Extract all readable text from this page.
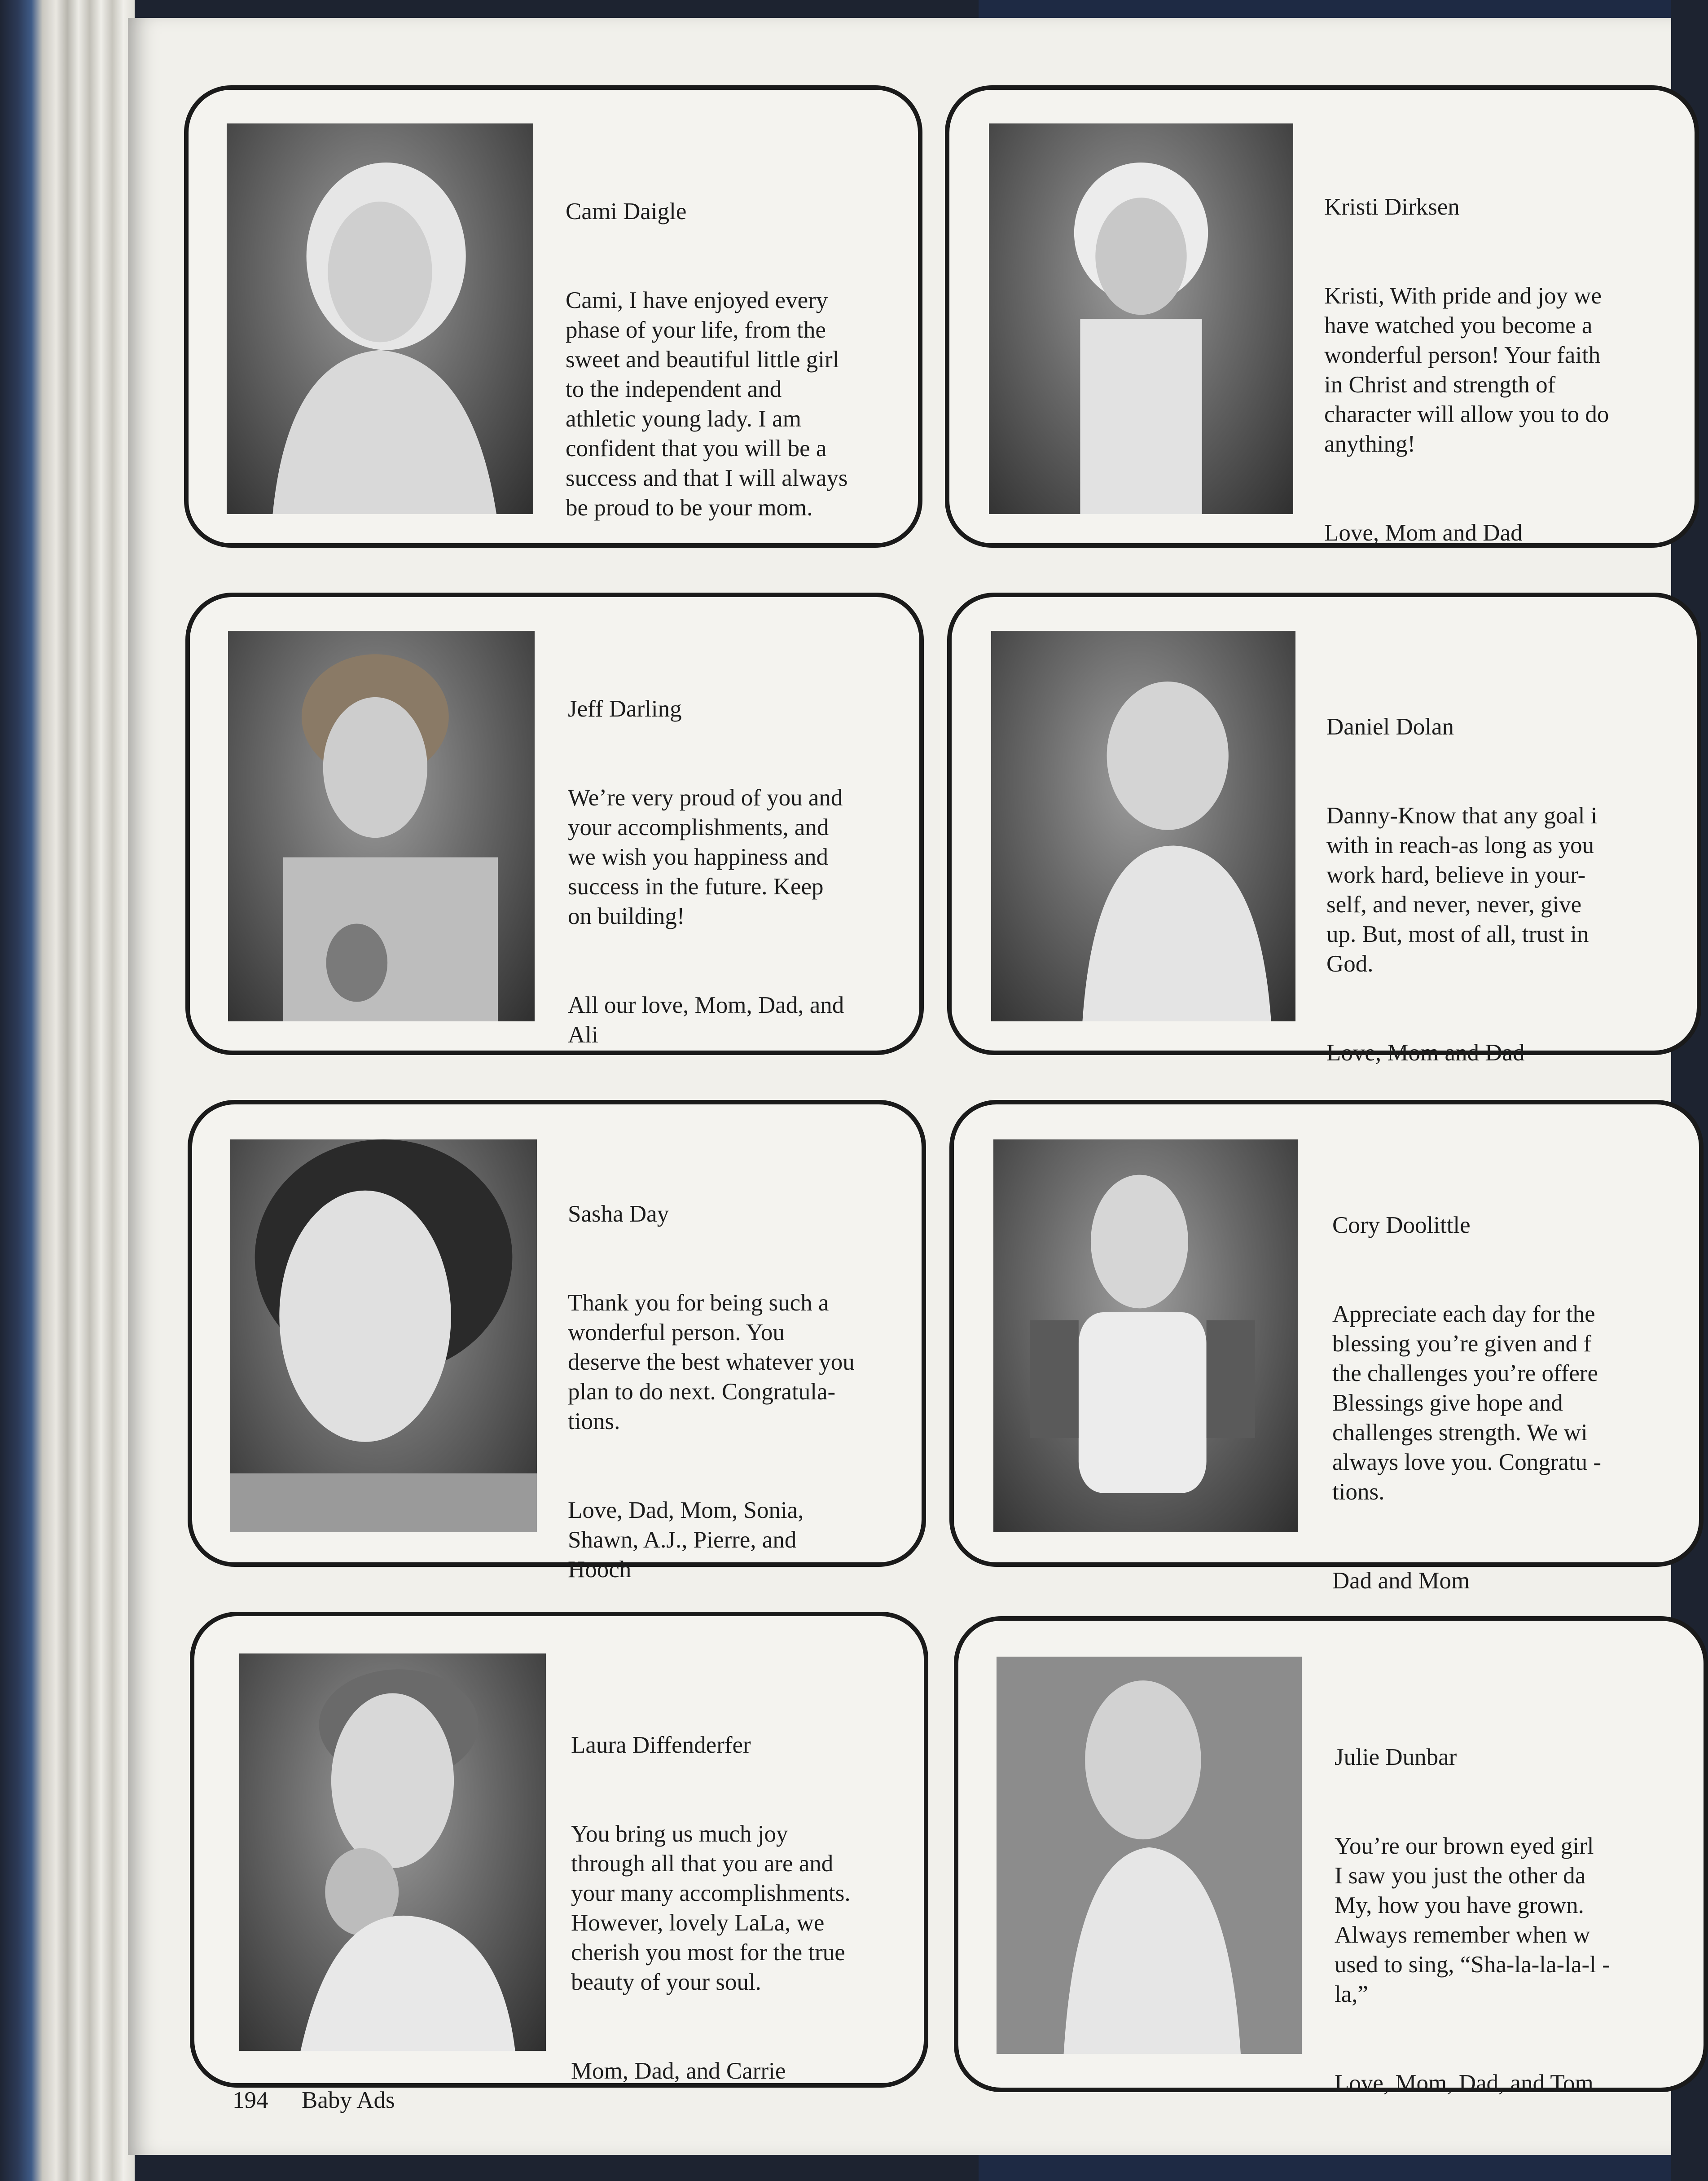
Cami Daigle

Cami, I have enjoyed every
phase of your life, from the
sweet and beautiful little girl
to the independent and
athletic young lady. I am
confident that you will be a
success and that I will always
be proud to be your mom.

Kristi Dirksen

Kristi, With pride and joy we
have watched you become a
wonderful person! Your faith
in Christ and strength of
character will allow you to do
anything!

Love, Mom and Dad

Jeff Darling

We’re very proud of you and
your accomplishments, and
we wish you happiness and
success in the future. Keep
on building!

All our love, Mom, Dad, and
Ali

Daniel Dolan

Danny-Know that any goal i
with in reach-as long as you
work hard, believe in your-
self, and never, never, give
up. But, most of all, trust in
God.

Love, Mom and Dad

Sasha Day

Thank you for being such a
wonderful person. You
deserve the best whatever you
plan to do next. Congratula-
tions.

Love, Dad, Mom, Sonia,
Shawn, A.J., Pierre, and
Hooch

Cory Doolittle

Appreciate each day for the
blessing you’re given and f
the challenges you’re offere
Blessings give hope and
challenges strength. We wi
always love you. Congratu -
tions.

Dad and Mom

Laura Diffenderfer

You bring us much joy
through all that you are and
your many accomplishments.
However, lovely LaLa, we
cherish you most for the true
beauty of your soul.

Mom, Dad, and Carrie

Julie Dunbar

You’re our brown eyed girl
I saw you just the other da
My, how you have grown.
Always remember when w
used to sing, “Sha-la-la-la-l -
la,”

Love, Mom, Dad, and Tom

194 Baby Ads
